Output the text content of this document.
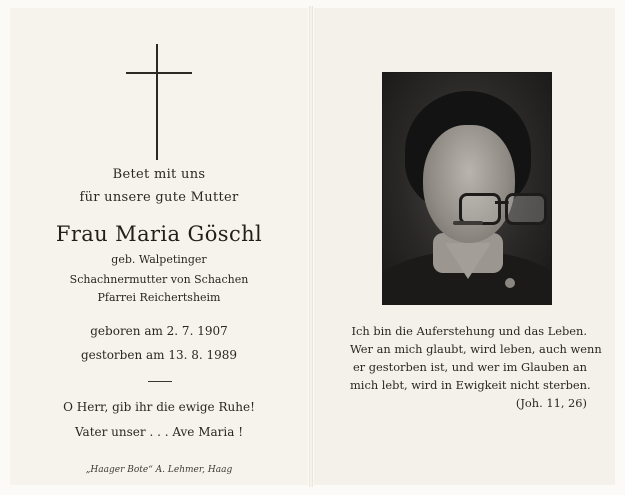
Betet mit uns
für unsere gute Mutter
Frau Maria Göschl
geb. Walpetinger
Schachnermutter von Schachen
Pfarrei Reichertsheim
geboren am 2. 7. 1907
gestorben am 13. 8. 1989
O Herr, gib ihr die ewige Ruhe!
Vater unser . . . Ave Maria !
„Haager Bote“ A. Lehmer, Haag
Ich bin die Auferstehung und das Leben.
Wer an mich glaubt, wird leben, auch wenn
er gestorben ist, und wer im Glauben an
mich lebt, wird in Ewigkeit nicht sterben.
(Joh. 11, 26)
